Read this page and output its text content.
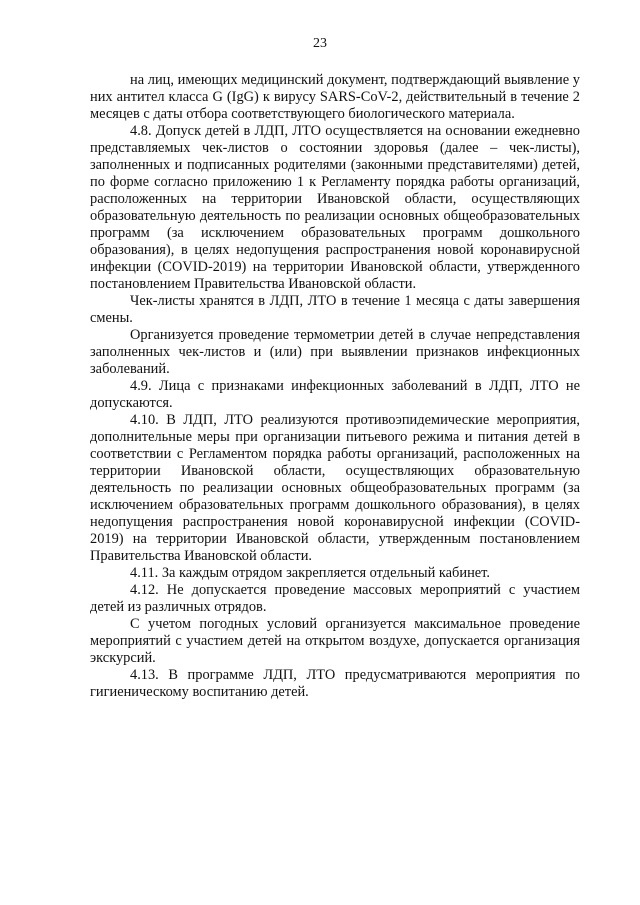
23

на лиц, имеющих медицинский документ, подтверждающий выявление у них антител класса G (IgG) к вирусу SARS-CoV-2, действительный в течение 2 месяцев с даты отбора соответствующего биологического материала.

4.8. Допуск детей в ЛДП, ЛТО осуществляется на основании ежедневно представляемых чек-листов о состоянии здоровья (далее – чек-листы), заполненных и подписанных родителями (законными представителями) детей, по форме согласно приложению 1 к Регламенту порядка работы организаций, расположенных на территории Ивановской области, осуществляющих образовательную деятельность по реализации основных общеобразовательных программ (за исключением образовательных программ дошкольного образования), в целях недопущения распространения новой коронавирусной инфекции (COVID-2019) на территории Ивановской области, утвержденного постановлением Правительства Ивановской области.

Чек-листы хранятся в ЛДП, ЛТО в течение 1 месяца с даты завершения смены.

Организуется проведение термометрии детей в случае непредставления заполненных чек-листов и (или) при выявлении признаков инфекционных заболеваний.

4.9. Лица с признаками инфекционных заболеваний в ЛДП, ЛТО не допускаются.

4.10. В ЛДП, ЛТО реализуются противоэпидемические мероприятия, дополнительные меры при организации питьевого режима и питания детей в соответствии с Регламентом порядка работы организаций, расположенных на территории Ивановской области, осуществляющих образовательную деятельность по реализации основных общеобразовательных программ (за исключением образовательных программ дошкольного образования), в целях недопущения распространения новой коронавирусной инфекции (COVID-2019) на территории Ивановской области, утвержденным постановлением Правительства Ивановской области.

4.11. За каждым отрядом закрепляется отдельный кабинет.

4.12. Не допускается проведение массовых мероприятий с участием детей из различных отрядов.

С учетом погодных условий организуется максимальное проведение мероприятий с участием детей на открытом воздухе, допускается организация экскурсий.

4.13. В программе ЛДП, ЛТО предусматриваются мероприятия по гигиеническому воспитанию детей.
